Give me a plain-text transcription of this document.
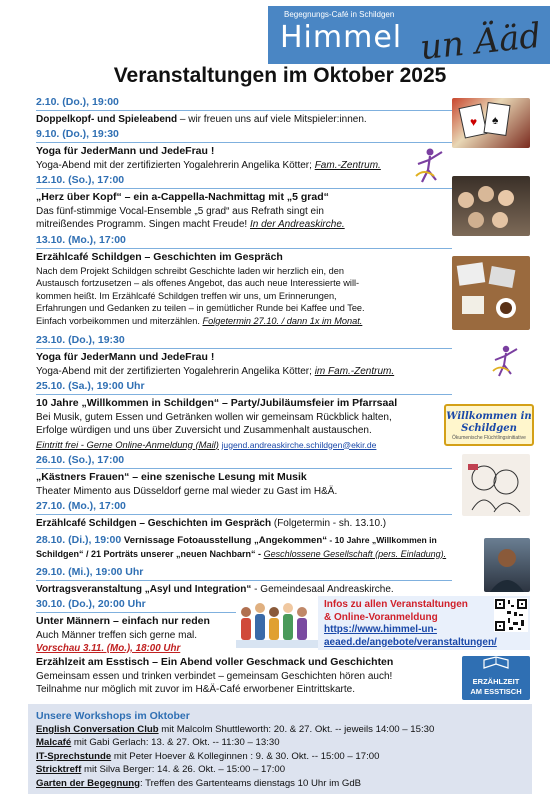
Begegnungs-Café in Schildgen
Himmel un Ääd
Veranstaltungen im Oktober 2025
2.10. (Do.), 19:00
Doppelkopf- und Spieleabend – wir freuen uns auf viele Mitspieler:innen.
9.10. (Do.), 19:30
Yoga für JederMann und JedeFrau !
Yoga-Abend mit der zertifizierten Yogalehrerin Angelika Kötter; Fam.-Zentrum.
12.10. (So.), 17:00
„Herz über Kopf“ – ein a-Cappella-Nachmittag mit „5 grad“
Das fünf-stimmige Vocal-Ensemble „5 grad“ aus Refrath singt ein
mitreißendes Programm. Singen macht Freude! In der Andreaskirche.
13.10. (Mo.), 17:00
Erzählcafé Schildgen – Geschichten im Gespräch
Nach dem Projekt Schildgen schreibt Geschichte laden wir herzlich ein, den
Austausch fortzusetzen – als offenes Angebot, das auch neue Interessierte will-
kommen heißt. Im Erzählcafé Schildgen treffen wir uns, um Erinnerungen,
Erfahrungen und Gedanken zu teilen – in gemütlicher Runde bei Kaffee und Tee.
Einfach vorbeikommen und miterzählen. Folgetermin 27.10. / dann 1x im Monat.
23.10. (Do.), 19:30
Yoga für JederMann und JedeFrau !
Yoga-Abend mit der zertifizierten Yogalehrerin Angelika Kötter; im Fam.-Zentrum.
25.10. (Sa.), 19:00 Uhr
10 Jahre „Willkommen in Schildgen“ – Party/Jubiläumsfeier im Pfarrsaal
Bei Musik, gutem Essen und Getränken wollen wir gemeinsam Rückblick halten,
Erfolge würdigen und uns über Zuversicht und Zusammenhalt austauschen.
Eintritt frei - Gerne Online-Anmeldung (Mail) jugend.andreaskirche.schildgen@ekir.de
26.10. (So.), 17:00
„Kästners Frauen“ – eine szenische Lesung mit Musik
Theater Mimento aus Düsseldorf gerne mal wieder zu Gast im H&Ä.
27.10. (Mo.), 17:00
Erzählcafé Schildgen – Geschichten im Gespräch (Folgetermin - sh. 13.10.)
28.10. (Di.), 19:00 Vernissage Fotoausstellung „Angekommen“ - 10 Jahre „Willkommen in
Schildgen“ / 21 Porträts unserer „neuen Nachbarn“ - Geschlossene Gesellschaft (pers. Einladung).
29.10. (Mi.), 19:00 Uhr
Vortragsveranstaltung „Asyl und Integration“ - Gemeindesaal Andreaskirche.
30.10. (Do.), 20:00 Uhr
Unter Männern – einfach nur reden
Auch Männer treffen sich gerne mal.
Vorschau 3.11. (Mo.), 18:00 Uhr
Erzählzeit am Esstisch – Ein Abend voller Geschmack und Geschichten
Gemeinsam essen und trinken verbindet – gemeinsam Geschichten hören auch!
Teilnahme nur möglich mit zuvor im H&Ä-Café erworbener Eintrittskarte.
♥ ♠
Willkommen in Schildgen
Ökumenische Flüchtlingsinitiative
Infos zu allen Veranstaltungen
& Online-Voranmeldung
https://www.himmel-un-
aeaed.de/angebote/veranstaltungen/
ERZÄHLZEIT
AM ESSTISCH
Unsere Workshops im Oktober
English Conversation Club mit Malcolm Shuttleworth: 20. & 27. Okt. -- jeweils 14:00 – 15:30
Malcafé mit Gabi Gerlach: 13. & 27. Okt. -- 11:30 – 13:30
IT-Sprechstunde mit Peter Hoever & Kolleginnen : 9. & 30. Okt. -- 15:00 – 17:00
Stricktreff mit Silva Berger: 14. & 26. Okt. – 15:00 – 17:00
Garten der Begegnung: Treffen des Gartenteams dienstags 10 Uhr im GdB
